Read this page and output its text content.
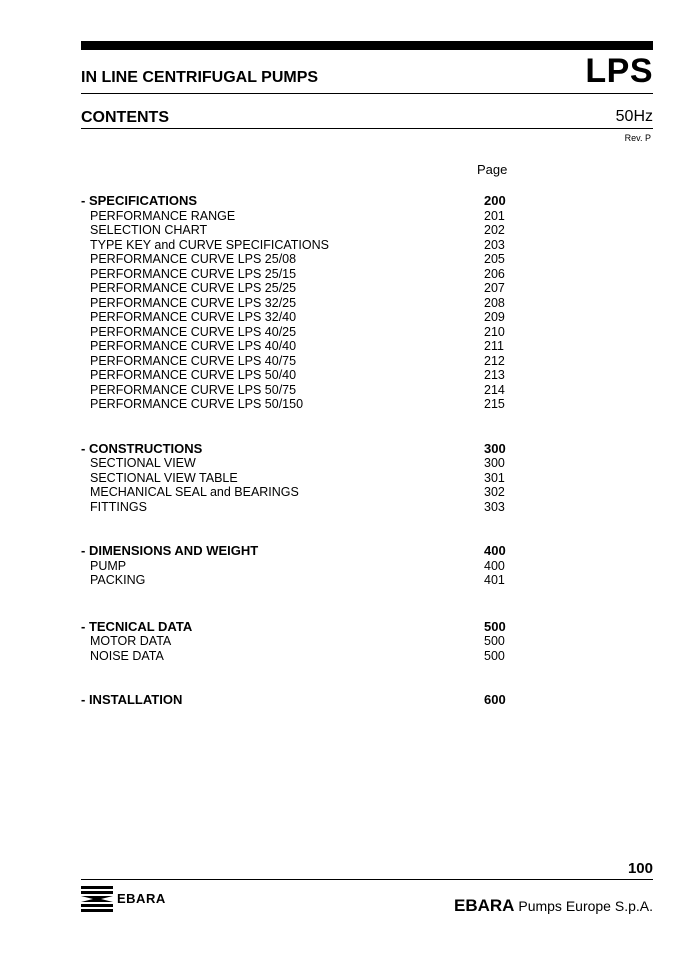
IN LINE CENTRIFUGAL PUMPS	LPS
CONTENTS	50Hz
Rev. P
Page
- SPECIFICATIONS	200
PERFORMANCE RANGE	201
SELECTION CHART	202
TYPE KEY and CURVE SPECIFICATIONS	203
PERFORMANCE CURVE LPS 25/08	205
PERFORMANCE CURVE LPS 25/15	206
PERFORMANCE CURVE LPS 25/25	207
PERFORMANCE CURVE LPS 32/25	208
PERFORMANCE CURVE LPS 32/40	209
PERFORMANCE CURVE LPS 40/25	210
PERFORMANCE CURVE LPS 40/40	211
PERFORMANCE CURVE LPS 40/75	212
PERFORMANCE CURVE LPS 50/40	213
PERFORMANCE CURVE LPS 50/75	214
PERFORMANCE CURVE LPS 50/150	215
- CONSTRUCTIONS	300
SECTIONAL VIEW	300
SECTIONAL VIEW TABLE	301
MECHANICAL SEAL and BEARINGS	302
FITTINGS	303
- DIMENSIONS AND WEIGHT	400
PUMP	400
PACKING	401
- TECNICAL DATA	500
MOTOR DATA	500
NOISE DATA	500
- INSTALLATION	600
100
EBARA	EBARA Pumps Europe S.p.A.
